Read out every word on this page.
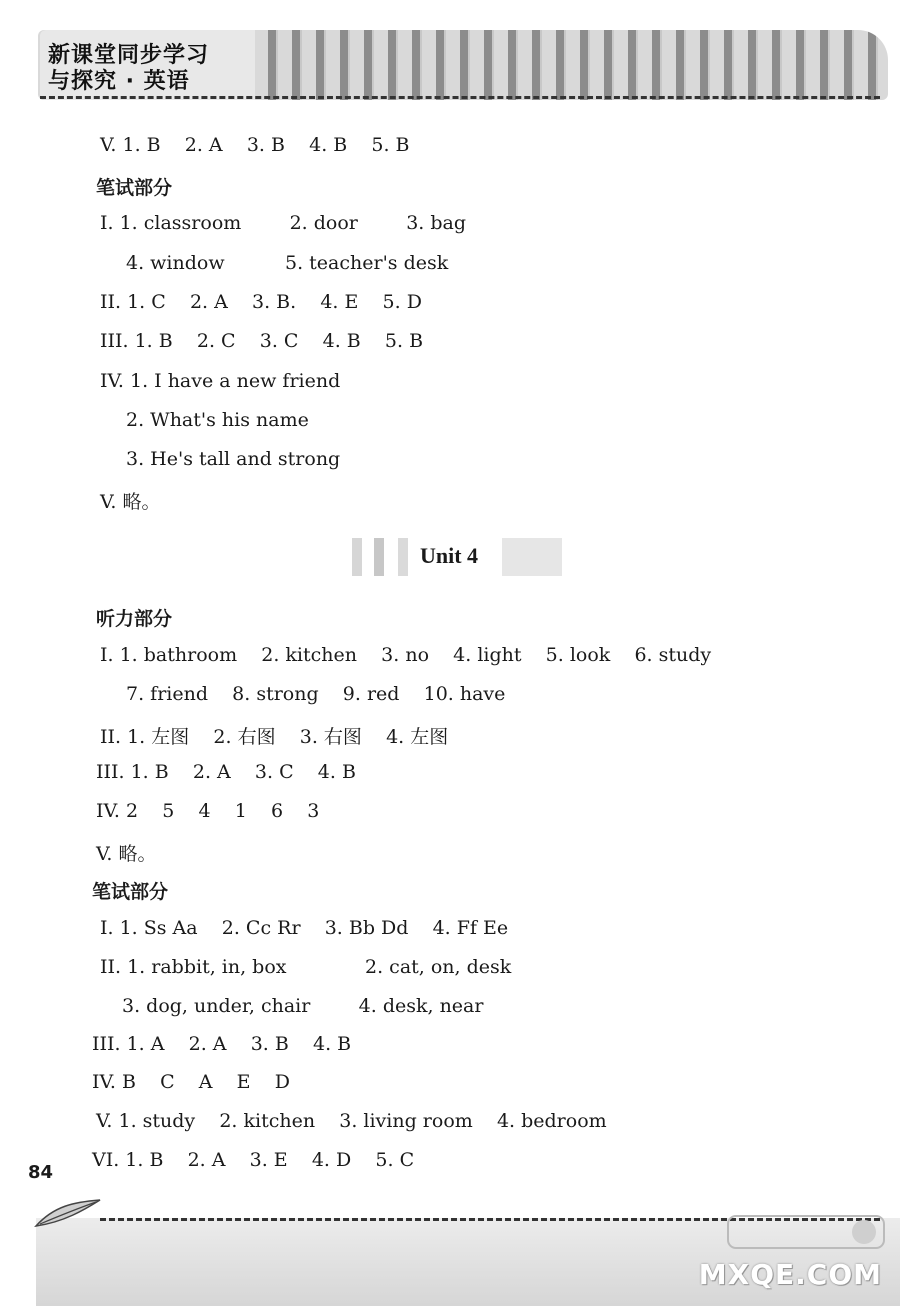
新课堂同步学习
与探究 · 英语
V. 1. B    2. A    3. B    4. B    5. B
笔试部分
I. 1. classroom        2. door        3. bag
4. window          5. teacher's desk
II. 1. C    2. A    3. B.    4. E    5. D
III. 1. B    2. C    3. C    4. B    5. B
IV. 1. I have a new friend
2. What's his name
3. He's tall and strong
V. 略。
Unit 4
听力部分
I. 1. bathroom    2. kitchen    3. no    4. light    5. look    6. study
7. friend    8. strong    9. red    10. have
II. 1. 左图    2. 右图    3. 右图    4. 左图
III. 1. B    2. A    3. C    4. B
IV. 2    5    4    1    6    3
V. 略。
笔试部分
I. 1. Ss Aa    2. Cc Rr    3. Bb Dd    4. Ff Ee
II. 1. rabbit, in, box             2. cat, on, desk
3. dog, under, chair        4. desk, near
III. 1. A    2. A    3. B    4. B
IV. B    C    A    E    D
V. 1. study    2. kitchen    3. living room    4. bedroom
VI. 1. B    2. A    3. E    4. D    5. C
84
MXQE.COM
